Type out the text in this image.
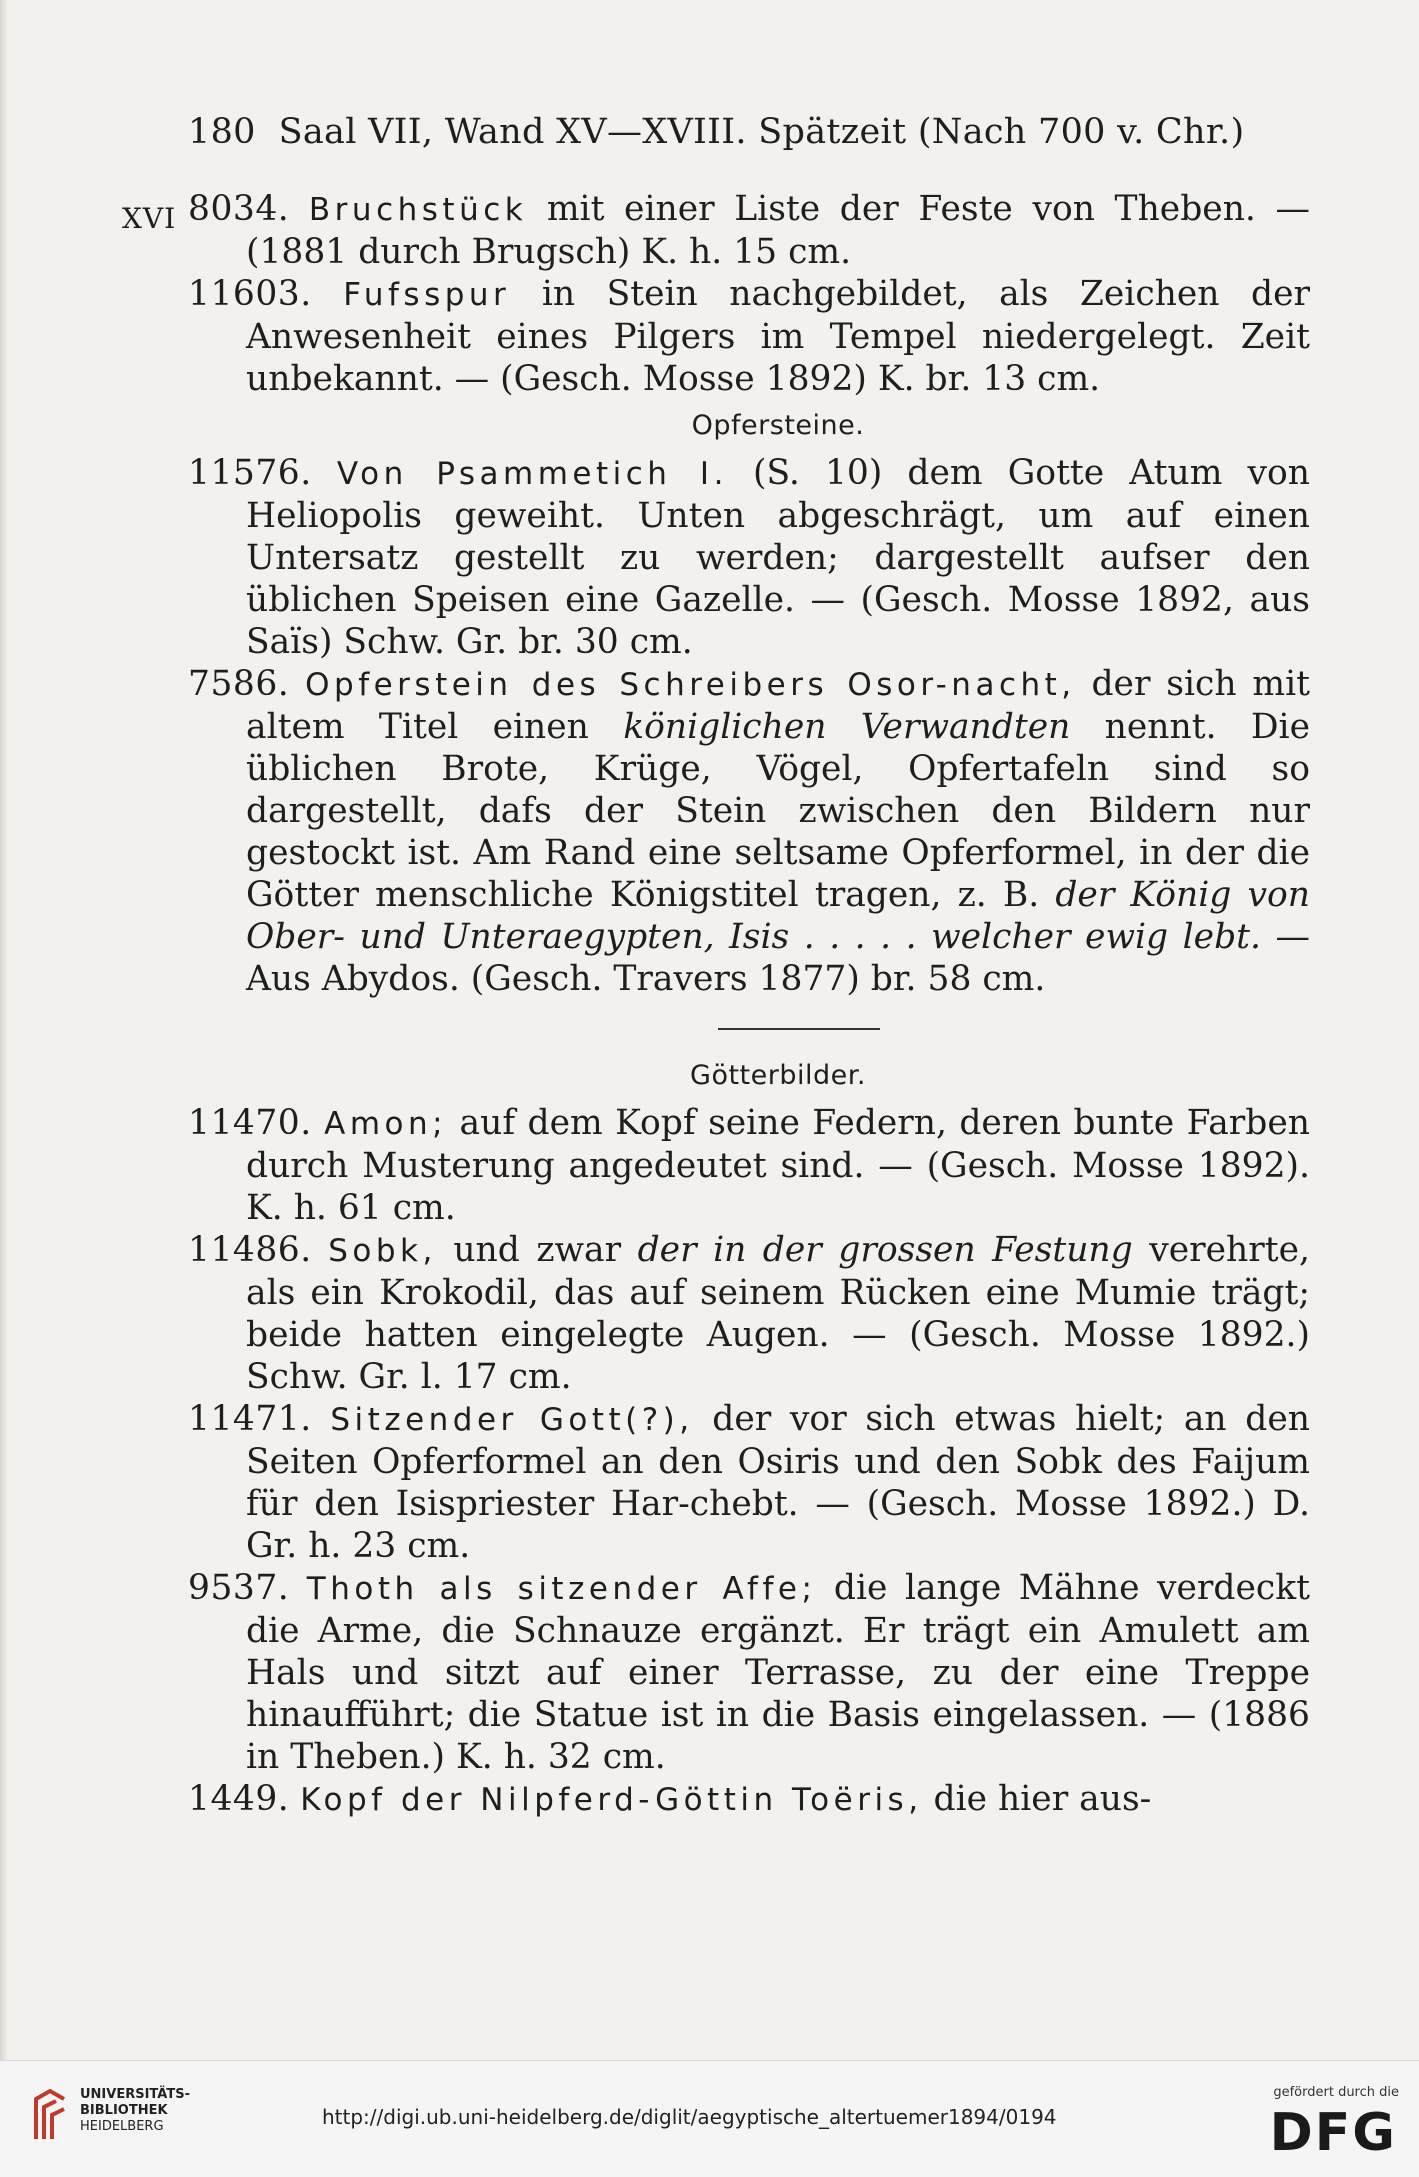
180 Saal VII, Wand XV—XVIII. Spätzeit (Nach 700 v. Chr.)
XVI 8034. Bruchstück mit einer Liste der Feste von Theben. — (1881 durch Brugsch) K. h. 15 cm.

11603. Fufsspur in Stein nachgebildet, als Zeichen der Anwesenheit eines Pilgers im Tempel niedergelegt. Zeit unbekannt. — (Gesch. Mosse 1892) K. br. 13 cm.

Opfersteine.

11576. Von Psammetich I. (S. 10) dem Gotte Atum von Heliopolis geweiht. Unten abgeschrägt, um auf einen Untersatz gestellt zu werden; dargestellt aufser den üblichen Speisen eine Gazelle. — (Gesch. Mosse 1892, aus Saïs) Schw. Gr. br. 30 cm.

7586. Opferstein des Schreibers Osor-nacht, der sich mit altem Titel einen königlichen Verwandten nennt. Die üblichen Brote, Krüge, Vögel, Opfertafeln sind so dargestellt, dafs der Stein zwischen den Bildern nur gestockt ist. Am Rand eine seltsame Opferformel, in der die Götter menschliche Königstitel tragen, z. B. der König von Ober- und Unteraegypten, Isis . . . . . welcher ewig lebt. — Aus Abydos. (Gesch. Travers 1877) br. 58 cm.

Götterbilder.

11470. Amon; auf dem Kopf seine Federn, deren bunte Farben durch Musterung angedeutet sind. — (Gesch. Mosse 1892). K. h. 61 cm.

11486. Sobk, und zwar der in der grossen Festung verehrte, als ein Krokodil, das auf seinem Rücken eine Mumie trägt; beide hatten eingelegte Augen. — (Gesch. Mosse 1892.) Schw. Gr. l. 17 cm.

11471. Sitzender Gott(?), der vor sich etwas hielt; an den Seiten Opferformel an den Osiris und den Sobk des Faijum für den Isispriester Har-chebt. — (Gesch. Mosse 1892.) D. Gr. h. 23 cm.

9537. Thoth als sitzender Affe; die lange Mähne verdeckt die Arme, die Schnauze ergänzt. Er trägt ein Amulett am Hals und sitzt auf einer Terrasse, zu der eine Treppe hinaufführt; die Statue ist in die Basis eingelassen. — (1886 in Theben.) K. h. 32 cm.

1449. Kopf der Nilpferd-Göttin Toëris, die hier aus-

UNIVERSITÄTS-
BIBLIOTHEK
HEIDELBERG	http://digi.ub.uni-heidelberg.de/diglit/aegyptische_altertuemer1894/0194
gefördert durch die
DFG
